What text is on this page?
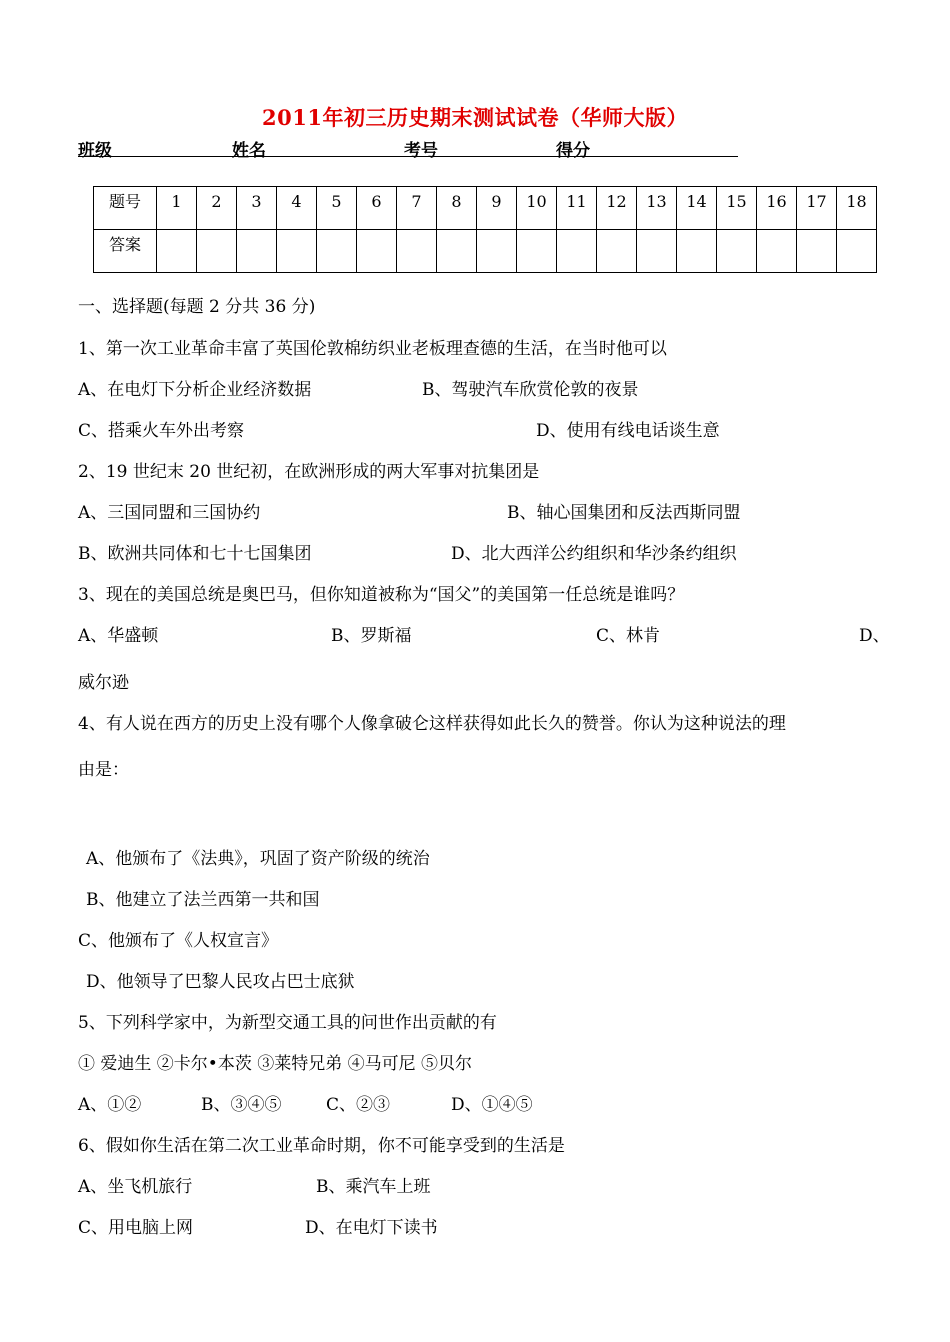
2011年初三历史期末测试试卷（华师大版）
班级	姓名	考号	得分
题号	1	2	3	4	5	6	7	8	9	10	11	12	13	14	15	16	17	18
答案																		
一、选择题(每题 2 分共 36 分)
1、第一次工业革命丰富了英国伦敦棉纺织业老板理查德的生活，在当时他可以
A、在电灯下分析企业经济数据	B、驾驶汽车欣赏伦敦的夜景
C、搭乘火车外出考察	D、使用有线电话谈生意
2、19 世纪末 20 世纪初，在欧洲形成的两大军事对抗集团是
A、三国同盟和三国协约	B、轴心国集团和反法西斯同盟
B、欧洲共同体和七十七国集团	D、北大西洋公约组织和华沙条约组织
3、现在的美国总统是奥巴马，但你知道被称为“国父”的美国第一任总统是谁吗？
A、华盛顿	B、罗斯福	C、林肯	D、
威尔逊
4、有人说在西方的历史上没有哪个人像拿破仑这样获得如此长久的赞誉。你认为这种说法的理
由是：
A、他颁布了《法典》，巩固了资产阶级的统治
B、他建立了法兰西第一共和国
C、他颁布了《人权宣言》
D、他领导了巴黎人民攻占巴士底狱
5、下列科学家中，为新型交通工具的问世作出贡献的有
① 爱迪生 ②卡尔•本茨 ③莱特兄弟 ④马可尼 ⑤贝尔
A、①②	B、③④⑤	C、②③	D、①④⑤
6、假如你生活在第二次工业革命时期，你不可能享受到的生活是
A、坐飞机旅行	B、乘汽车上班
C、用电脑上网	D、在电灯下读书
